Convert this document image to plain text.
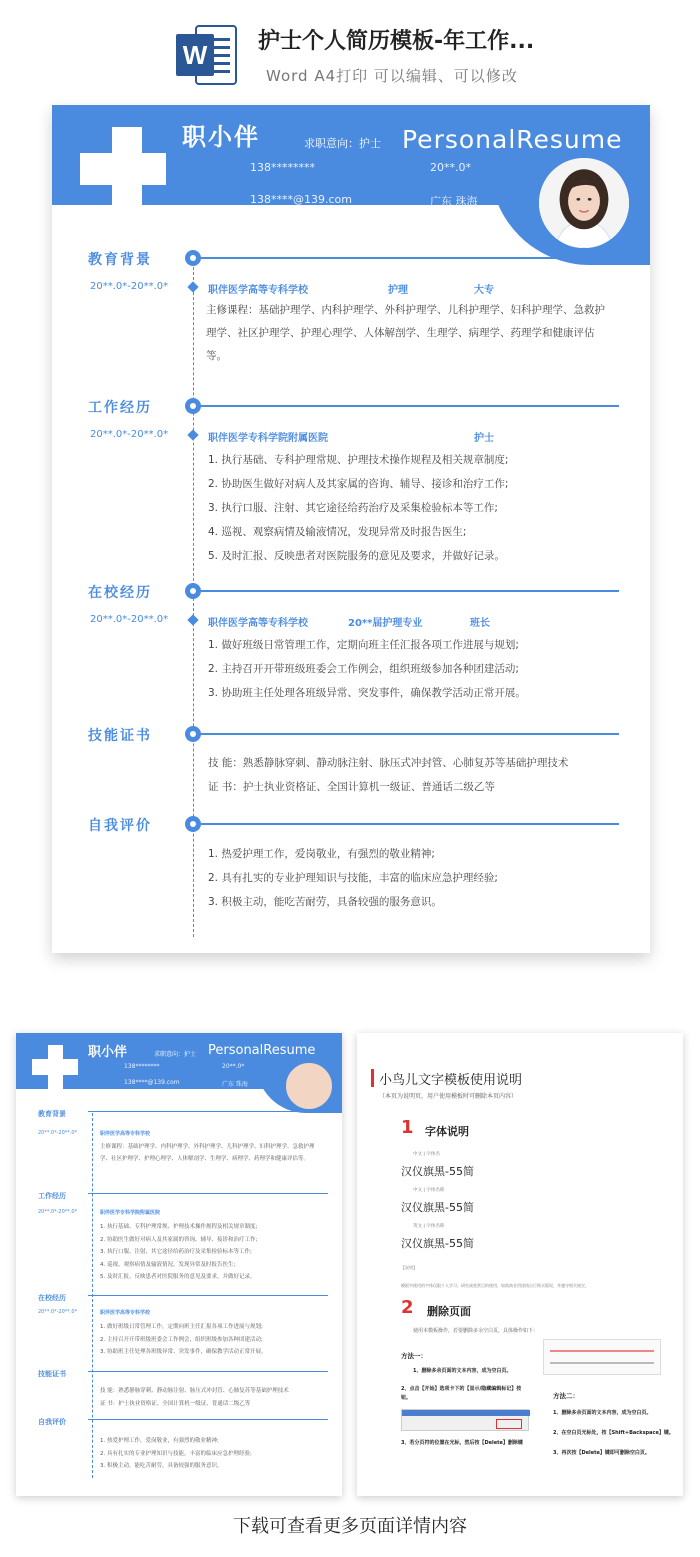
W 护士个人简历模板-年工作...
Word A4打印 可以编辑、可以修改
职小伴	求职意向：护士 PersonalResume
138********	20**.0*
138****@139.com	广东 珠海
教育背景
20**.0*-20**.0*	职伴医学高等专科学校	护理	大专
主修课程：基础护理学、内科护理学、外科护理学、儿科护理学、妇科护理学、急救护理学、社区护理学、护理心理学、人体解剖学、生理学、病理学、药理学和健康评估等。
工作经历
20**.0*-20**.0*	职伴医学专科学院附属医院	护士
1. 执行基础、专科护理常规、护理技术操作规程及相关规章制度;
2. 协助医生做好对病人及其家属的咨询、辅导、接诊和治疗工作;
3. 执行口服、注射、其它途径给药治疗及采集检验标本等工作;
4. 巡视、观察病情及输液情况，发现异常及时报告医生;
5. 及时汇报、反映患者对医院服务的意见及要求，并做好记录。
在校经历
20**.0*-20**.0*	职伴医学高等专科学校	20**届护理专业	班长
1. 做好班级日常管理工作，定期向班主任汇报各项工作进展与规划;
2. 主持召开开带班级班委会工作例会，组织班级参加各种团建活动;
3. 协助班主任处理各班级异常、突发事件，确保教学活动正常开展。
技能证书
技 能：熟悉静脉穿刺、静动脉注射、脉压式冲封管、心肺复苏等基础护理技术
证 书：护士执业资格证、全国计算机一级证、普通话二级乙等
自我评价
1. 热爱护理工作，爱岗敬业，有强烈的敬业精神;
2. 具有扎实的专业护理知识与技能，丰富的临床应急护理经验;
3. 积极主动，能吃苦耐劳，具备较强的服务意识。
职小伴	求职意向：护士 PersonalResume
138********	20**.0*
138****@139.com	广东 珠海
教育背景
20**.0*-20**.0*	职伴医学高等专科学校
主修课程：基础护理学、内科护理学、外科护理学、儿科护理学、妇科护理学、急救护理学、社区护理学、护理心理学、人体解剖学、生理学、病理学、药理学和健康评估等。
工作经历
20**.0*-20**.0*	职伴医学专科学院附属医院
1. 执行基础、专科护理常规、护理技术操作规程及相关规章制度;
2. 协助医生做好对病人及其家属的咨询、辅导、接诊和治疗工作;
3. 执行口服、注射、其它途径给药治疗及采集检验标本等工作;
4. 巡视、观察病情及输液情况，发现异常及时报告医生;
5. 及时汇报、反映患者对医院服务的意见及要求，并做好记录。
在校经历
20**.0*-20**.0*	职伴医学高等专科学校
1. 做好班级日常管理工作，定期向班主任汇报各项工作进展与规划;
2. 主持召开开带班级班委会工作例会，组织班级参加各种团建活动;
3. 协助班主任处理各班级异常、突发事件，确保教学活动正常开展。
技能证书
技 能：熟悉静脉穿刺、静动脉注射、脉压式冲封管、心肺复苏等基础护理技术
证 书：护士执业资格证、全国计算机一级证、普通话二级乙等
自我评价
1. 热爱护理工作，爱岗敬业，有强烈的敬业精神;
2. 具有扎实的专业护理知识与技能，丰富的临床应急护理经验;
3. 积极主动，能吃苦耐劳，具备较强的服务意识。
小鸟儿文字模板使用说明
（本页为说明页，用户使用模板时可删除本页内容）
1 字体说明
中文 | 字体名
汉仪旗黑-55简
中文 | 字体名称
汉仪旗黑-55简
英文 | 字体名称
汉仪旗黑-55简
【说明】
模板中使用的字体仅限个人学习、研究或欣赏目的使用，如需商业用途请自行购买版权，并遵守相关规定。
2 删除页面
使用本模板操作，若要删除多余空白页，具体操作如下：
方法一：
1、删除多余页面的文本内容，成为空白页。
2、点击【开始】选项卡下的【显示/隐藏编辑标记】按钮。	方法二：
1、删除多余页面的文本内容，成为空白页。
2、在空白页光标处，按【Shift+Backspace】键。
3、再次按【Delete】键即可删除空白页。
3、若分页符的位置在光标，然后按【Delete】删除键
下载可查看更多页面详情内容
